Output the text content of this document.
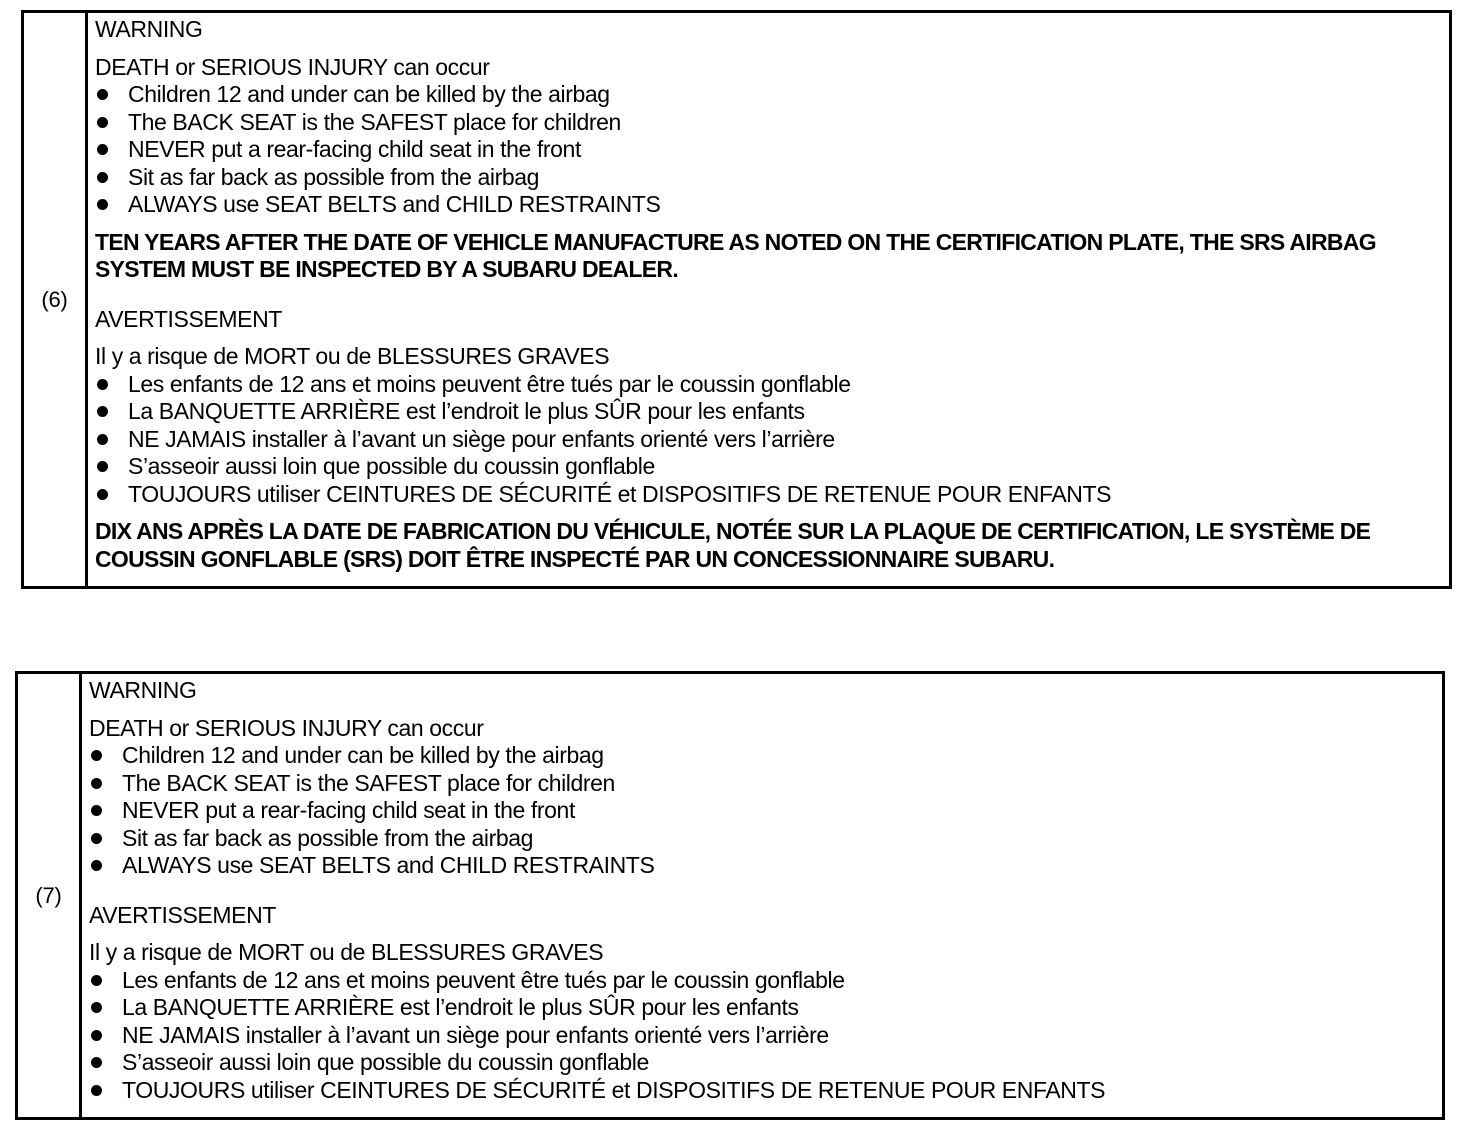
(6)

WARNING

DEATH or SERIOUS INJURY can occur

Children 12 and under can be killed by the airbag
The BACK SEAT is the SAFEST place for children
NEVER put a rear-facing child seat in the front
Sit as far back as possible from the airbag
ALWAYS use SEAT BELTS and CHILD RESTRAINTS

TEN YEARS AFTER THE DATE OF VEHICLE MANUFACTURE AS NOTED ON THE CERTIFICATION PLATE, THE SRS AIRBAG SYSTEM MUST BE INSPECTED BY A SUBARU DEALER.

AVERTISSEMENT

Il y a risque de MORT ou de BLESSURES GRAVES

Les enfants de 12 ans et moins peuvent être tués par le coussin gonflable
La BANQUETTE ARRIÈRE est l’endroit le plus SÛR pour les enfants
NE JAMAIS installer à l’avant un siège pour enfants orienté vers l’arrière
S’asseoir aussi loin que possible du coussin gonflable
TOUJOURS utiliser CEINTURES DE SÉCURITÉ et DISPOSITIFS DE RETENUE POUR ENFANTS

DIX ANS APRÈS LA DATE DE FABRICATION DU VÉHICULE, NOTÉE SUR LA PLAQUE DE CERTIFICATION, LE SYSTÈME DE COUSSIN GONFLABLE (SRS) DOIT ÊTRE INSPECTÉ PAR UN CONCESSIONNAIRE SUBARU.

(7)

WARNING

DEATH or SERIOUS INJURY can occur

Children 12 and under can be killed by the airbag
The BACK SEAT is the SAFEST place for children
NEVER put a rear-facing child seat in the front
Sit as far back as possible from the airbag
ALWAYS use SEAT BELTS and CHILD RESTRAINTS

AVERTISSEMENT

Il y a risque de MORT ou de BLESSURES GRAVES

Les enfants de 12 ans et moins peuvent être tués par le coussin gonflable
La BANQUETTE ARRIÈRE est l’endroit le plus SÛR pour les enfants
NE JAMAIS installer à l’avant un siège pour enfants orienté vers l’arrière
S’asseoir aussi loin que possible du coussin gonflable
TOUJOURS utiliser CEINTURES DE SÉCURITÉ et DISPOSITIFS DE RETENUE POUR ENFANTS
